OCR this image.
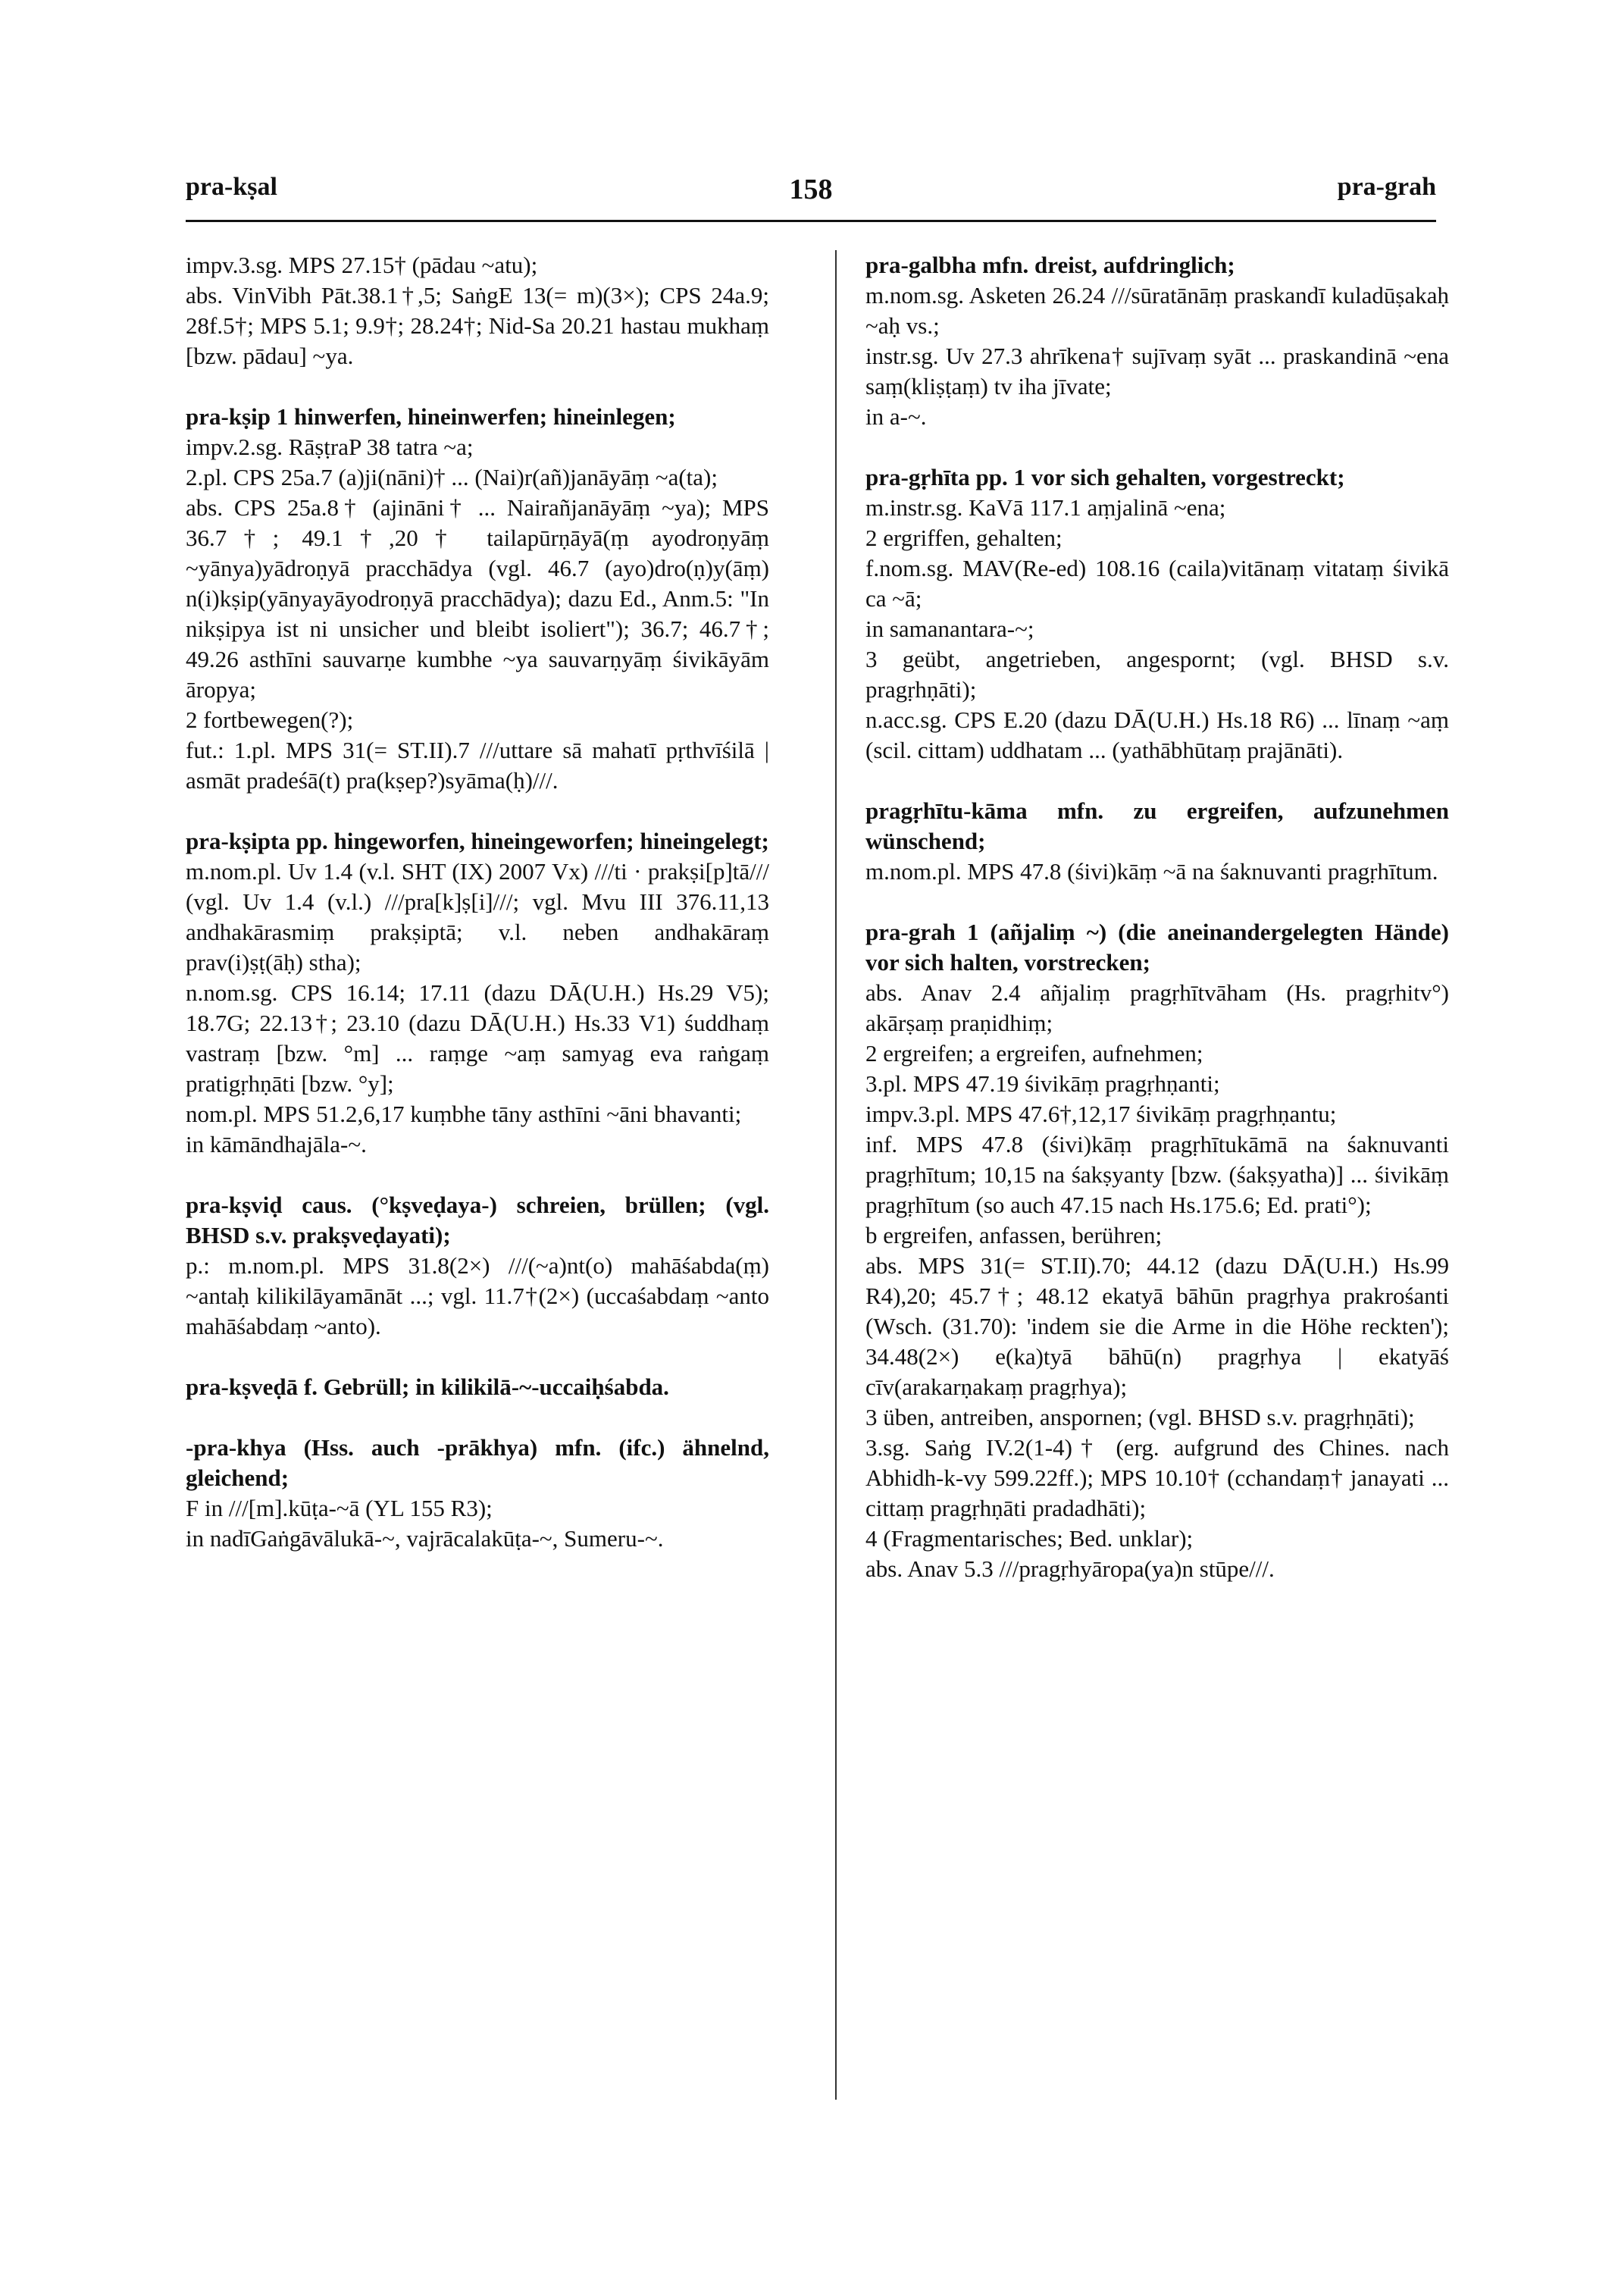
pra-kṣal	158	pra-grah

impv.3.sg. MPS 27.15† (pādau ~atu);

abs. VinVibh Pāt.38.1†,5; SaṅgE 13(= m)(3×); CPS 24a.9; 28f.5†; MPS 5.1; 9.9†; 28.24†; Nid-Sa 20.21 hastau mukhaṃ [bzw. pādau] ~ya.

pra-kṣip 1 hinwerfen, hineinwerfen; hineinlegen;

impv.2.sg. RāṣṭraP 38 tatra ~a;

2.pl. CPS 25a.7 (a)ji(nāni)† ... (Nai)r(añ)janāyāṃ ~a(ta);

abs. CPS 25a.8† (ajināni† ... Nairañjanāyāṃ ~ya); MPS 36.7†; 49.1†,20† tailapūrṇāyā(ṃ ayodroṇyāṃ ~yānya)yādroṇyā pracchādya (vgl. 46.7 (ayo)dro(ṇ)y(āṃ) n(i)kṣip(yānyayāyodroṇyā pracchādya); dazu Ed., Anm.5: "In nikṣipya ist ni unsicher und bleibt isoliert"); 36.7; 46.7†; 49.26 asthīni sauvarṇe kumbhe ~ya sauvarṇyāṃ śivikāyām āropya;

2 fortbewegen(?);

fut.: 1.pl. MPS 31(= ST.II).7 ///uttare sā mahatī pṛthvīśilā | asmāt pradeśā(t) pra(kṣep?)syāma(ḥ)///.

pra-kṣipta pp. hingeworfen, hineingeworfen; hineingelegt;

m.nom.pl. Uv 1.4 (v.l. SHT (IX) 2007 Vx) ///ti · prakṣi[p]tā/// (vgl. Uv 1.4 (v.l.) ///pra[k]ṣ[i]///; vgl. Mvu III 376.11,13 andhakārasmiṃ prakṣiptā; v.l. neben andhakāraṃ prav(i)ṣṭ(āḥ) stha);

n.nom.sg. CPS 16.14; 17.11 (dazu DĀ(U.H.) Hs.29 V5); 18.7G; 22.13†; 23.10 (dazu DĀ(U.H.) Hs.33 V1) śuddhaṃ vastraṃ [bzw. °m] ... raṃge ~aṃ samyag eva raṅgaṃ pratigṛhṇāti [bzw. °y];

nom.pl. MPS 51.2,6,17 kuṃbhe tāny asthīni ~āni bhavanti;

in kāmāndhajāla-~.

pra-kṣviḍ caus. (°kṣveḍaya-) schreien, brüllen; (vgl. BHSD s.v. prakṣveḍayati);

p.: m.nom.pl. MPS 31.8(2×) ///(~a)nt(o) mahāśabda(ṃ) ~antaḥ kilikilāyamānāt ...; vgl. 11.7†(2×) (uccaśabdaṃ ~anto mahāśabdaṃ ~anto).

pra-kṣveḍā f. Gebrüll; in kilikilā-~-uccaiḥśabda.

-pra-khya (Hss. auch -prākhya) mfn. (ifc.) ähnelnd, gleichend;

F in ///[m].kūṭa-~ā (YL 155 R3);

in nadīGaṅgāvālukā-~, vajrācalakūṭa-~, Sumeru-~.

pra-galbha mfn. dreist, aufdringlich;

m.nom.sg. Asketen 26.24 ///sūratānāṃ praskandī kuladūṣakaḥ ~aḥ vs.;

instr.sg. Uv 27.3 ahrīkena† sujīvaṃ syāt ... praskandinā ~ena saṃ(kliṣṭaṃ) tv iha jīvate;

in a-~.

pra-gṛhīta pp. 1 vor sich gehalten, vorgestreckt;

m.instr.sg. KaVā 117.1 aṃjalinā ~ena;

2 ergriffen, gehalten;

f.nom.sg. MAV(Re-ed) 108.16 (caila)vitānaṃ vitataṃ śivikā ca ~ā;

in samanantara-~;

3 geübt, angetrieben, angespornt; (vgl. BHSD s.v. pragṛhṇāti);

n.acc.sg. CPS E.20 (dazu DĀ(U.H.) Hs.18 R6) ... līnaṃ ~aṃ (scil. cittam) uddhatam ... (yathābhūtaṃ prajānāti).

pragṛhītu-kāma mfn. zu ergreifen, aufzunehmen wünschend;

m.nom.pl. MPS 47.8 (śivi)kāṃ ~ā na śaknuvanti pragṛhītum.

pra-grah 1 (añjaliṃ ~) (die aneinandergelegten Hände) vor sich halten, vorstrecken;

abs. Anav 2.4 añjaliṃ pragṛhītvāham (Hs. pragṛhitv°) akārṣaṃ praṇidhiṃ;

2 ergreifen; a ergreifen, aufnehmen;

3.pl. MPS 47.19 śivikāṃ pragṛhṇanti;

impv.3.pl. MPS 47.6†,12,17 śivikāṃ pragṛhṇantu;

inf. MPS 47.8 (śivi)kāṃ pragṛhītukāmā na śaknuvanti pragṛhītum; 10,15 na śakṣyanty [bzw. (śakṣyatha)] ... śivikāṃ pragṛhītum (so auch 47.15 nach Hs.175.6; Ed. prati°);

b ergreifen, anfassen, berühren;

abs. MPS 31(= ST.II).70; 44.12 (dazu DĀ(U.H.) Hs.99 R4),20; 45.7†; 48.12 ekatyā bāhūn pragṛhya prakrośanti (Wsch. (31.70): 'indem sie die Arme in die Höhe reckten'); 34.48(2×) e(ka)tyā bāhū(n) pragṛhya | ekatyāś cīv(arakarṇakaṃ pragṛhya);

3 üben, antreiben, anspornen; (vgl. BHSD s.v. pragṛhṇāti);

3.sg. Saṅg IV.2(1-4)† (erg. aufgrund des Chines. nach Abhidh-k-vy 599.22ff.); MPS 10.10† (cchandaṃ† janayati ... cittaṃ pragṛhṇāti pradadhāti);

4 (Fragmentarisches; Bed. unklar);

abs. Anav 5.3 ///pragṛhyāropa(ya)n stūpe///.
